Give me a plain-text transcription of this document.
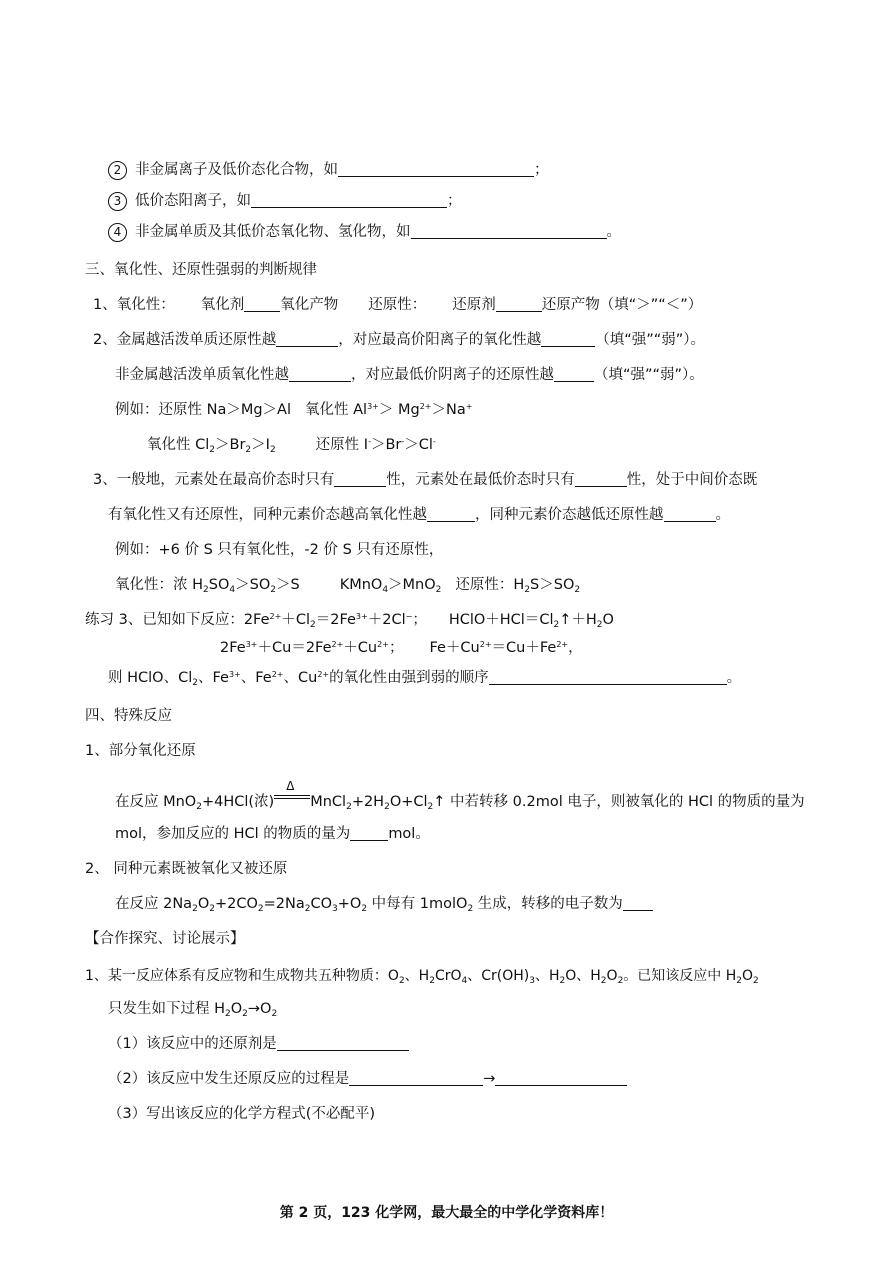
2 非金属离子及低价态化合物，如	；
3 低价态阳离子，如	；
4 非金属单质及其低价态氧化物、氢化物，如	。
三、氧化性、还原性强弱的判断规律
1、氧化性： 氧化剂 氧化产物 还原性： 还原剂	还原产物（填“＞”“＜”）
2、金属越活泼单质还原性越	，对应最高价阳离子的氧化性越	（填“强”“弱”）。
非金属越活泼单质氧化性越	，对应最低价阴离子的还原性越	（填“强”“弱”）。
例如：还原性 Na＞Mg＞Al 氧化性 $Al^{3+}> Mg^{2+}>Na^+$
氧化性 $Cl_2>Br_2>I_2$	还原性 I-＞Br-＞Cl-
3、一般地，元素处在最高价态时只有	性，元素处在最低价态时只有	性，处于中间价态既
有氧化性又有还原性，同种元素价态越高氧化性越	，同种元素价态越低还原性越	。
例如：+6 价 S 只有氧化性，-2 价 S 只有还原性，
氧化性：浓 $H_2SO_4>SO_2>S$	KMnO$_4$＞MnO$_2$ 还原性：$H_2S>SO_2$
练习 3、已知如下反应：$2Fe^{2+}+Cl_2=2Fe^{3+}+2Cl^-$； $HClO+HCl=Cl_2↑+H_2O$
$2Fe^{3+}+Cu=2Fe^{2+}+Cu^{2+}$； $Fe+Cu^{2+}=Cu+Fe^{2+}$，
则 HClO、$Cl_2$、$Fe^{3+}$、$Fe^{2+}$、$Cu^{2+}$的氧化性由强到弱的顺序	。
四、特殊反应
1、部分氧化还原
在反应 MnO$_2$+4HCl(浓)
Δ
$MnCl_2+2H_2O+Cl_2↑$ 中若转移 0.2mol 电子，则被氧化的 HCl 的物质的量为
mol，参加反应的 HCl 的物质的量为	mol。
2、 同种元素既被氧化又被还原
在反应 $2Na_2O_2+2CO_2=2Na_2CO_3+O_2$ 中每有 1molO$_2$ 生成，转移的电子数为
【合作探究、讨论展示】
1、某一反应体系有反应物和生成物共五种物质：$O_2$、$H_2CrO_4$、$Cr(OH)_3$、$H_2O$、$H_2O_2$。已知该反应中 $H_2O_2$
只发生如下过程 $H_2O_2\to O_2$
（1）该反应中的还原剂是
（2）该反应中发生还原反应的过程是	→
（3）写出该反应的化学方程式(不必配平)
第 2 页，123 化学网，最大最全的中学化学资料库！
